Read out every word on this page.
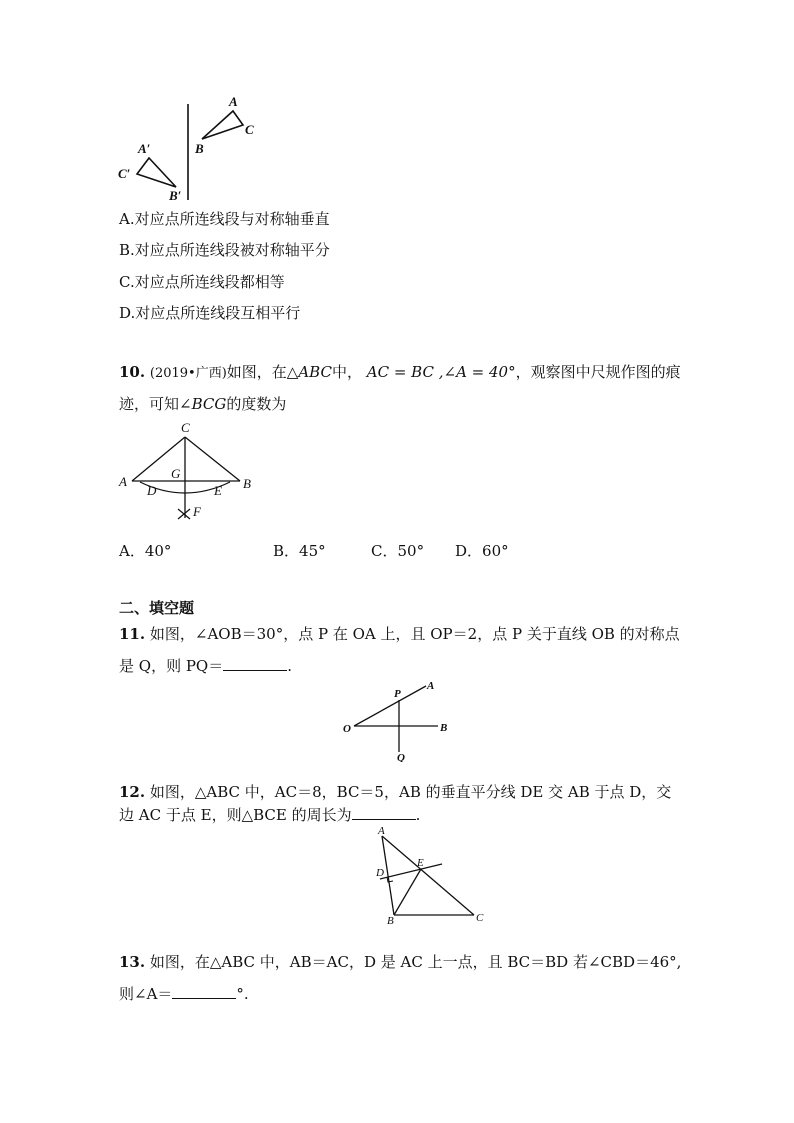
A
C
B
A′
C′
B′
A.对应点所连线段与对称轴垂直
B.对应点所连线段被对称轴平分
C.对应点所连线段都相等
D.对应点所连线段互相平行
10. (2019•广西)如图，在△ABC中， AC = BC ,∠A = 40°，观察图中尺规作图的痕
迹，可知∠BCG的度数为
C
A	B
G
D	E
F
A．40°	B．45°	C．50° D．60°
二、填空题
11. 如图，∠AOB＝30°，点 P 在 OA 上，且 OP＝2，点 P 关于直线 OB 的对称点
是 Q，则 PQ＝	.
O
A
B
P
Q
12. 如图，△ABC 中，AC＝8，BC＝5，AB 的垂直平分线 DE 交 AB 于点 D，交
边 AC 于点 E，则△BCE 的周长为	.
A
D
E
B	C
13. 如图，在△ABC 中，AB＝AC，D 是 AC 上一点，且 BC＝BD 若∠CBD＝46°,
则∠A＝	°.
